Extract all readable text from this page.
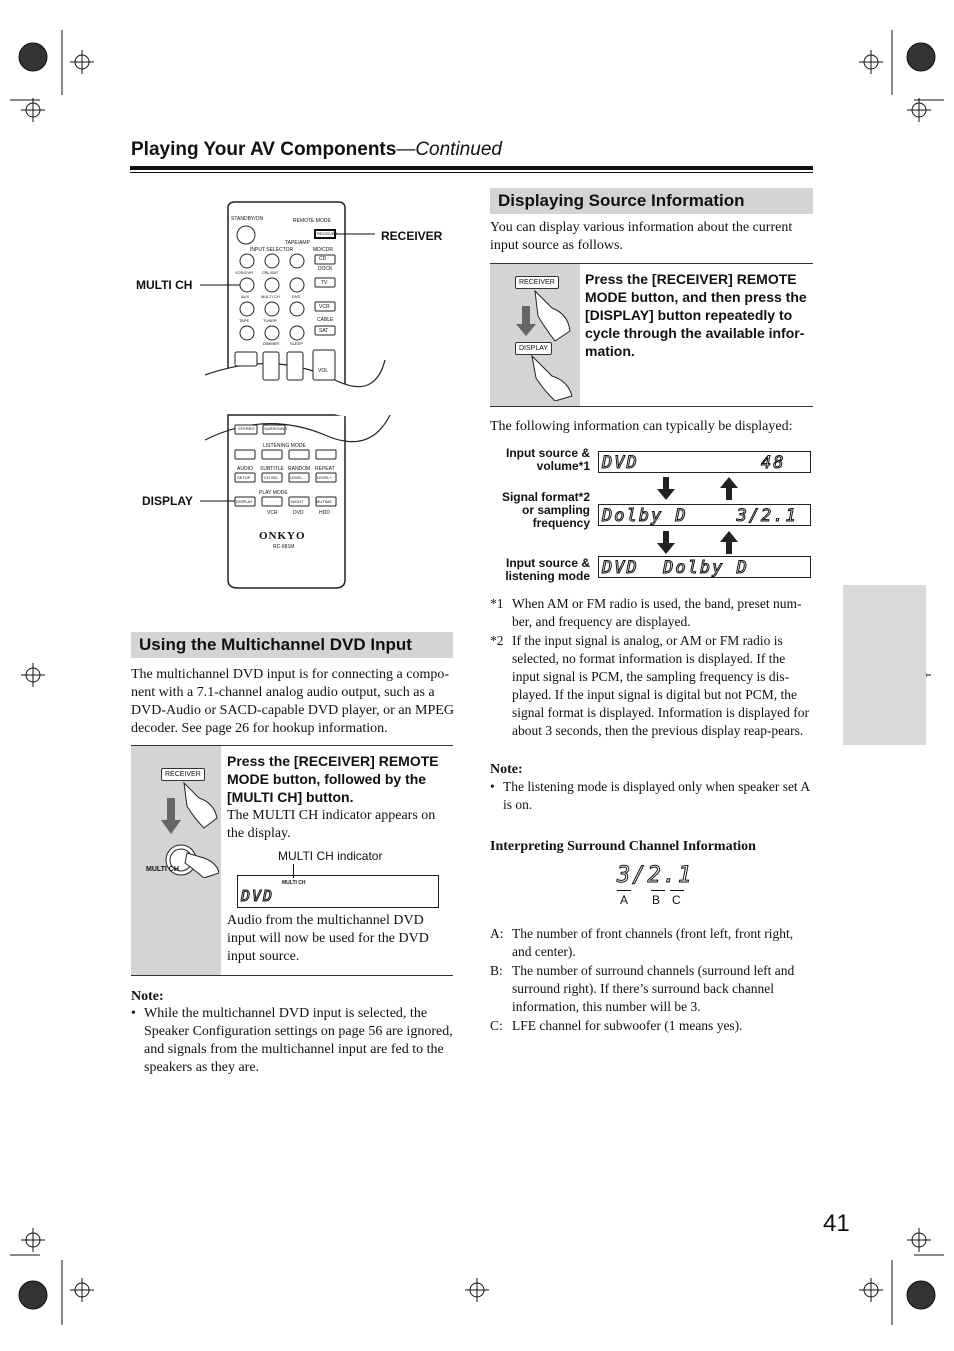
Playing Your AV Components—Continued
STANDBY/ON	REMOTE MODE
RECEIVER
TAPE/AMP
INPUT SELECTOR	MD/CDR
CD
DOCK
TV
VCR
CABLE
SAT
VCR/DVR CBL/SAT
AUX	MULTI CH	DVD
TAPE	TUNER
DIMMER	SLEEP
VOL
LISTENING MODE
STEREO SURROUND
AUDIO SUBTITLE RANDOM REPEAT
SETUP	CH SEL	LEVEL–	LEVEL+
PLAY MODE
DISPLAY	NIGHT	MUTING
VCR	DVD	HDD
ONKYO
RC-681M
RECEIVER
MULTI CH
DISPLAY
Using the Multichannel DVD Input
The multichannel DVD input is for connecting a compo-nent with a 7.1-channel analog audio output, such as a DVD-Audio or SACD-capable DVD player, or an MPEG decoder. See page 26 for hookup information.
RECEIVER
MULTI CH
Press the [RECEIVER] REMOTE MODE button, followed by the [MULTI CH] button.
The MULTI CH indicator appears on the display.
MULTI CH indicator
MULTI CH
DVD
Audio from the multichannel DVD input will now be used for the DVD input source.
Note:
• While the multichannel DVD input is selected, the Speaker Configuration settings on page 56 are ignored, and signals from the multichannel input are fed to the speakers as they are.
Displaying Source Information
You can display various information about the current input source as follows.
RECEIVER
DISPLAY
Press the [RECEIVER] REMOTE MODE button, and then press the [DISPLAY] button repeatedly to cycle through the available infor-mation.
The following information can typically be displayed:
Input source &
volume*1 DVD          48
Signal format*2
or sampling
frequency Dolby D    3/2.1
Input source &
listening mode DVD  Dolby D
*1 When AM or FM radio is used, the band, preset num-ber, and frequency are displayed.
*2 If the input signal is analog, or AM or FM radio is selected, no format information is displayed. If the input signal is PCM, the sampling frequency is dis-played. If the input signal is digital but not PCM, the signal format is displayed. Information is displayed for about 3 seconds, then the previous display reap-pears.
Note:
• The listening mode is displayed only when speaker set A is on.
Interpreting Surround Channel Information
3/2.1
A B C
A: The number of front channels (front left, front right, and center).
B: The number of surround channels (surround left and surround right). If there’s surround back channel information, this number will be 3.
C: LFE channel for subwoofer (1 means yes).
41
